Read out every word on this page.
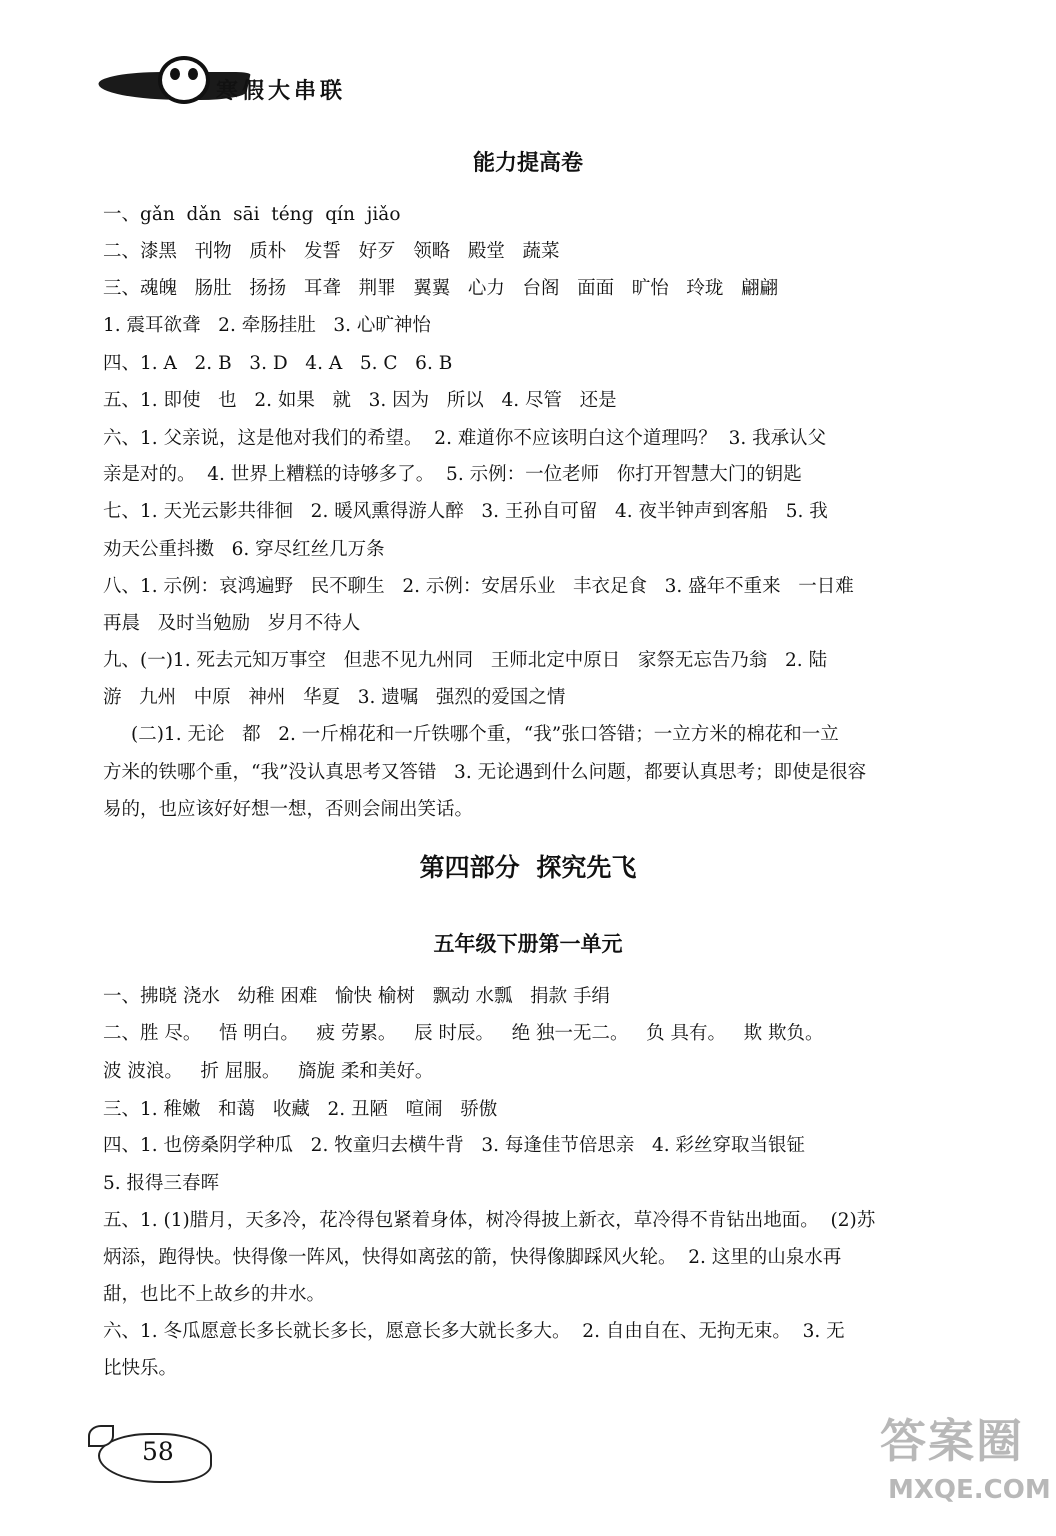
寒假大串联
能力提高卷
一、gǎn  dǎn  sāi  téng  qín  jiǎo
二、漆黑   刊物   质朴   发誓   好歹   领略   殿堂   蔬菜
三、魂魄   肠肚   扬扬   耳聋   荆罪   翼翼   心力   台阁   面面   旷怡   玲珑   翩翩
1. 震耳欲聋   2. 牵肠挂肚   3. 心旷神怡
四、1. A   2. B   3. D   4. A   5. C   6. B
五、1. 即使   也   2. 如果   就   3. 因为   所以   4. 尽管   还是
六、1. 父亲说，这是他对我们的希望。  2. 难道你不应该明白这个道理吗？  3. 我承认父
亲是对的。  4. 世界上糟糕的诗够多了。  5. 示例：一位老师   你打开智慧大门的钥匙
七、1. 天光云影共徘徊   2. 暖风熏得游人醉   3. 王孙自可留   4. 夜半钟声到客船   5. 我
劝天公重抖擞   6. 穿尽红丝几万条
八、1. 示例：哀鸿遍野   民不聊生   2. 示例：安居乐业   丰衣足食   3. 盛年不重来   一日难
再晨   及时当勉励   岁月不待人
九、(一)1. 死去元知万事空   但悲不见九州同   王师北定中原日   家祭无忘告乃翁   2. 陆
游   九州   中原   神州   华夏   3. 遗嘱   强烈的爱国之情
(二)1. 无论   都   2. 一斤棉花和一斤铁哪个重，“我”张口答错；一立方米的棉花和一立
方米的铁哪个重，“我”没认真思考又答错   3. 无论遇到什么问题，都要认真思考；即使是很容
易的，也应该好好想一想，否则会闹出笑话。
第四部分 探究先飞
五年级下册第一单元
一、拂晓 浇水   幼稚 困难   愉快 榆树   飘动 水瓢   捐款 手绢
二、胜 尽。   悟 明白。   疲 劳累。   辰 时辰。   绝 独一无二。   负 具有。   欺 欺负。
波 波浪。   折 屈服。   旖旎 柔和美好。
三、1. 稚嫩   和蔼   收藏   2. 丑陋   喧闹   骄傲
四、1. 也傍桑阴学种瓜   2. 牧童归去横牛背   3. 每逢佳节倍思亲   4. 彩丝穿取当银钲
5. 报得三春晖
五、1. (1)腊月，天多冷，花冷得包紧着身体，树冷得披上新衣，草冷得不肯钻出地面。  (2)苏
炳添，跑得快。快得像一阵风，快得如离弦的箭，快得像脚踩风火轮。  2. 这里的山泉水再
甜，也比不上故乡的井水。
六、1. 冬瓜愿意长多长就长多长，愿意长多大就长多大。  2. 自由自在、无拘无束。  3. 无
比快乐。
58	答案圈
MXQE.COM
